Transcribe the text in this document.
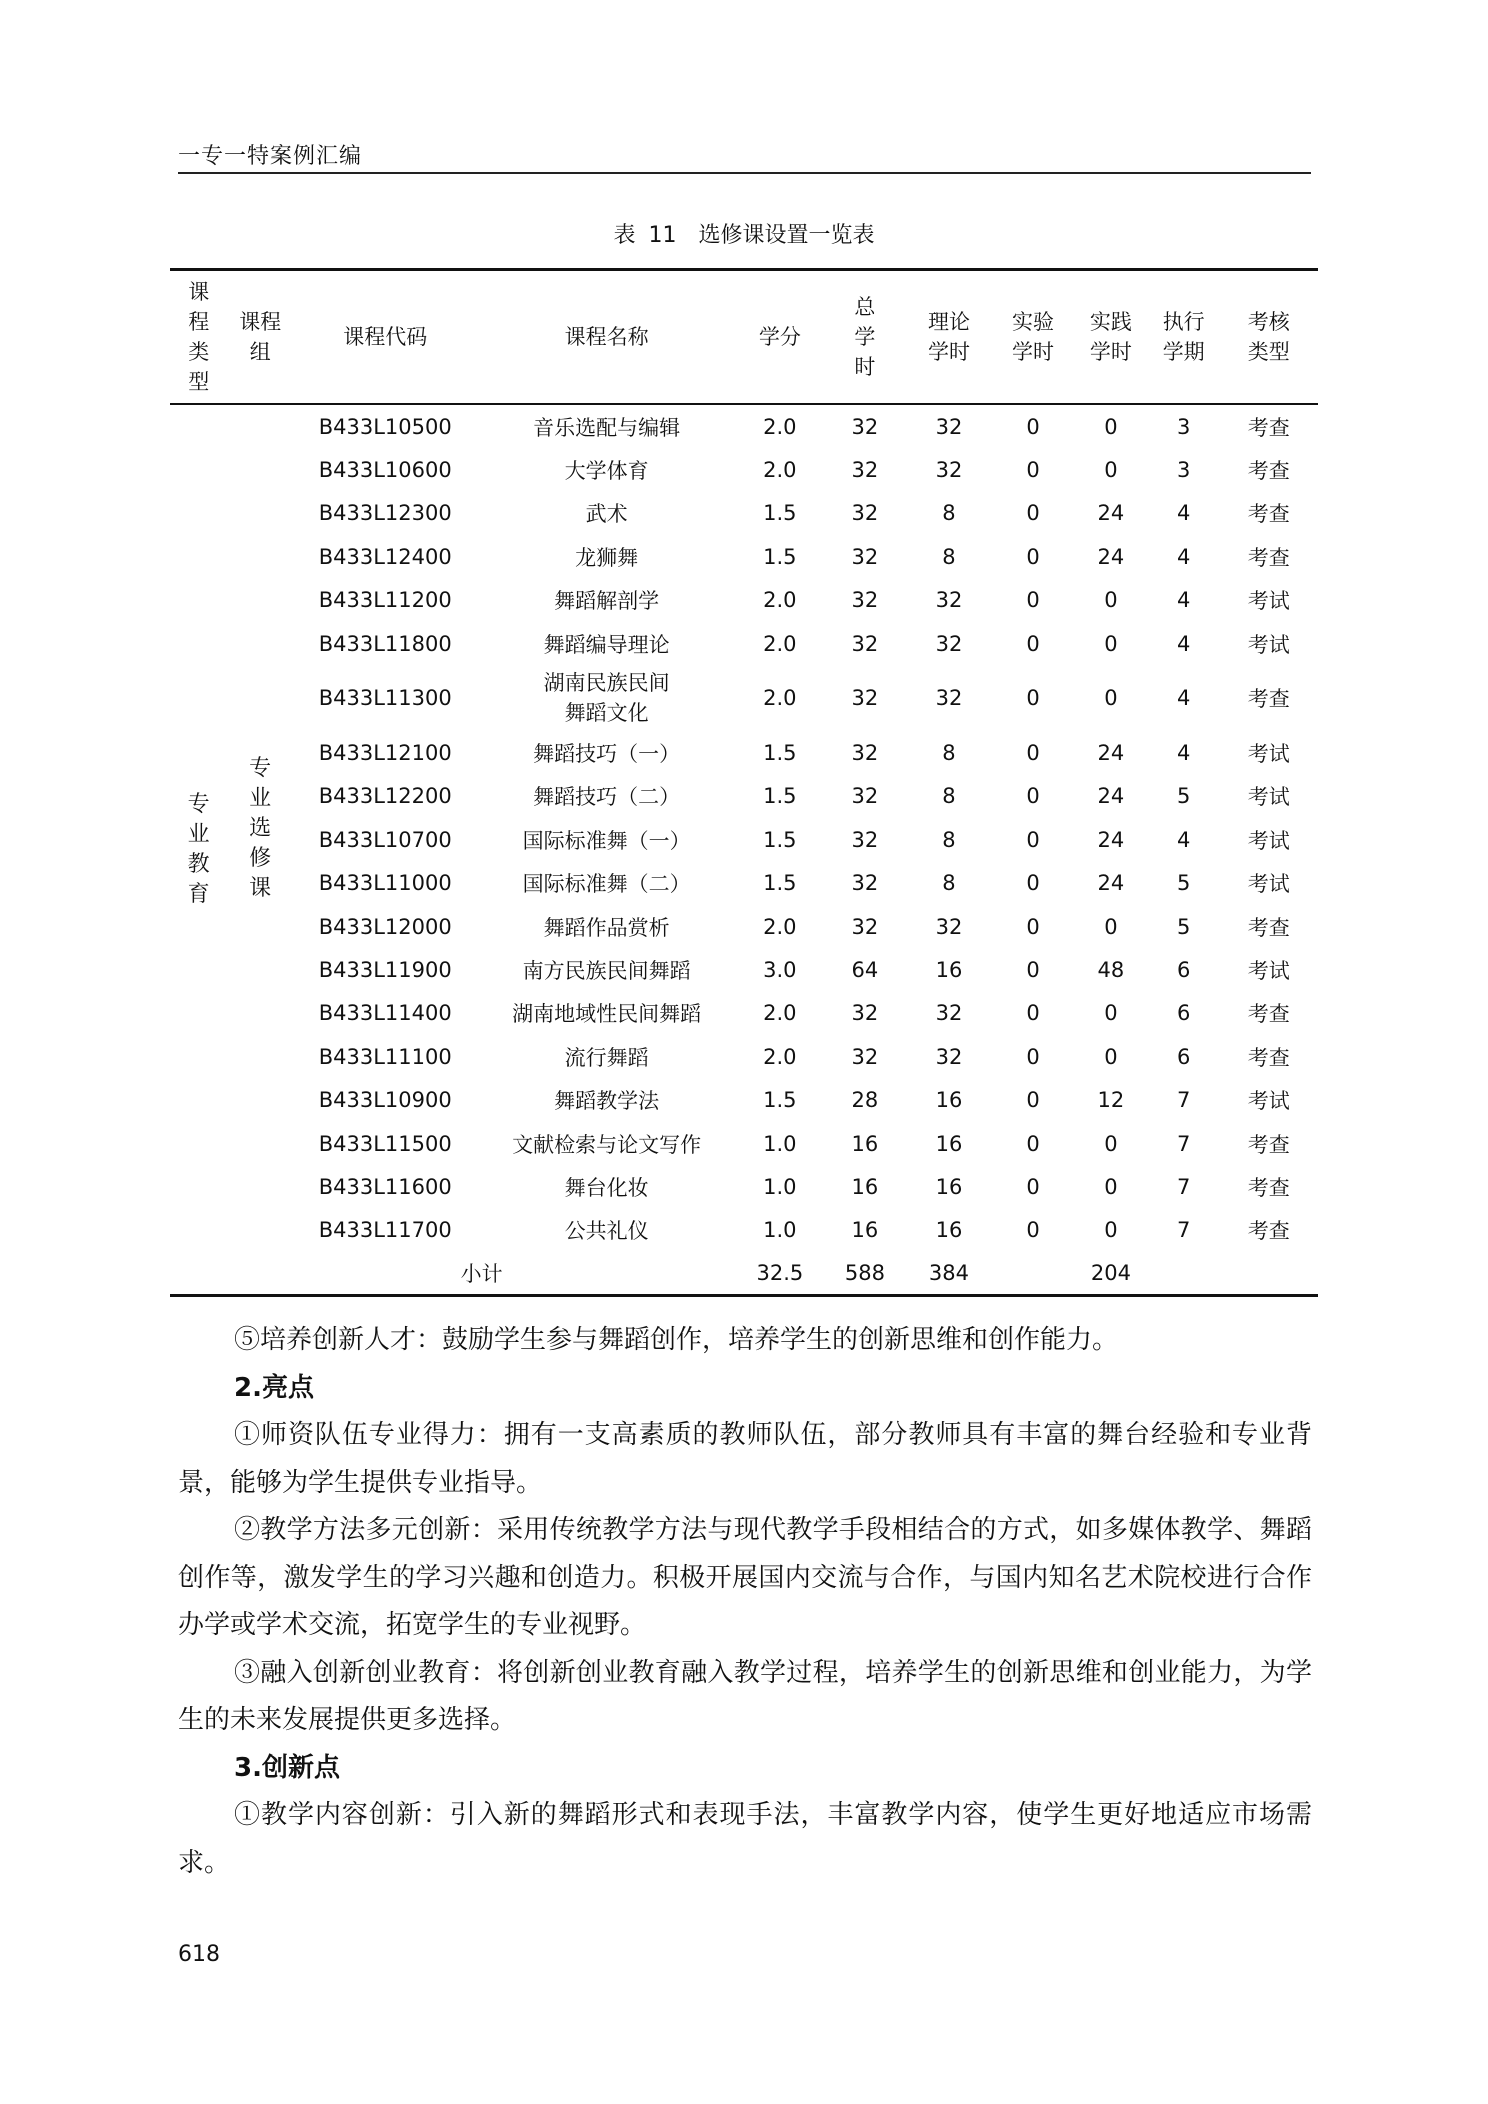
一专一特案例汇编
表 11　选修课设置一览表
课程类型	课程组	课程代码	课程名称	学分	总学时	理论学时	实验学时	实践学时	执行学期	考核类型
专业教育	专业选修课	B433L10500	音乐选配与编辑	2.0	32	32	0	0	3	考查
		B433L10600	大学体育	2.0	32	32	0	0	3	考查
		B433L12300	武术	1.5	32	8	0	24	4	考查
		B433L12400	龙狮舞	1.5	32	8	0	24	4	考查
		B433L11200	舞蹈解剖学	2.0	32	32	0	0	4	考试
		B433L11800	舞蹈编导理论	2.0	32	32	0	0	4	考试
		B433L11300	湖南民族民间舞蹈文化	2.0	32	32	0	0	4	考查
		B433L12100	舞蹈技巧（一）	1.5	32	8	0	24	4	考试
		B433L12200	舞蹈技巧（二）	1.5	32	8	0	24	5	考试
		B433L10700	国际标准舞（一）	1.5	32	8	0	24	4	考试
		B433L11000	国际标准舞（二）	1.5	32	8	0	24	5	考试
		B433L12000	舞蹈作品赏析	2.0	32	32	0	0	5	考查
		B433L11900	南方民族民间舞蹈	3.0	64	16	0	48	6	考试
		B433L11400	湖南地域性民间舞蹈	2.0	32	32	0	0	6	考查
		B433L11100	流行舞蹈	2.0	32	32	0	0	6	考查
		B433L10900	舞蹈教学法	1.5	28	16	0	12	7	考试
		B433L11500	文献检索与论文写作	1.0	16	16	0	0	7	考查
		B433L11600	舞台化妆	1.0	16	16	0	0	7	考查
		B433L11700	公共礼仪	1.0	16	16	0	0	7	考查
	小计			32.5	588	384		204		

⑤培养创新人才：鼓励学生参与舞蹈创作，培养学生的创新思维和创作能力。

2.亮点

①师资队伍专业得力：拥有一支高素质的教师队伍，部分教师具有丰富的舞台经验和专业背景，能够为学生提供专业指导。

②教学方法多元创新：采用传统教学方法与现代教学手段相结合的方式，如多媒体教学、舞蹈创作等，激发学生的学习兴趣和创造力。积极开展国内交流与合作，与国内知名艺术院校进行合作办学或学术交流，拓宽学生的专业视野。

③融入创新创业教育：将创新创业教育融入教学过程，培养学生的创新思维和创业能力，为学生的未来发展提供更多选择。

3.创新点

①教学内容创新：引入新的舞蹈形式和表现手法，丰富教学内容，使学生更好地适应市场需求。

618
